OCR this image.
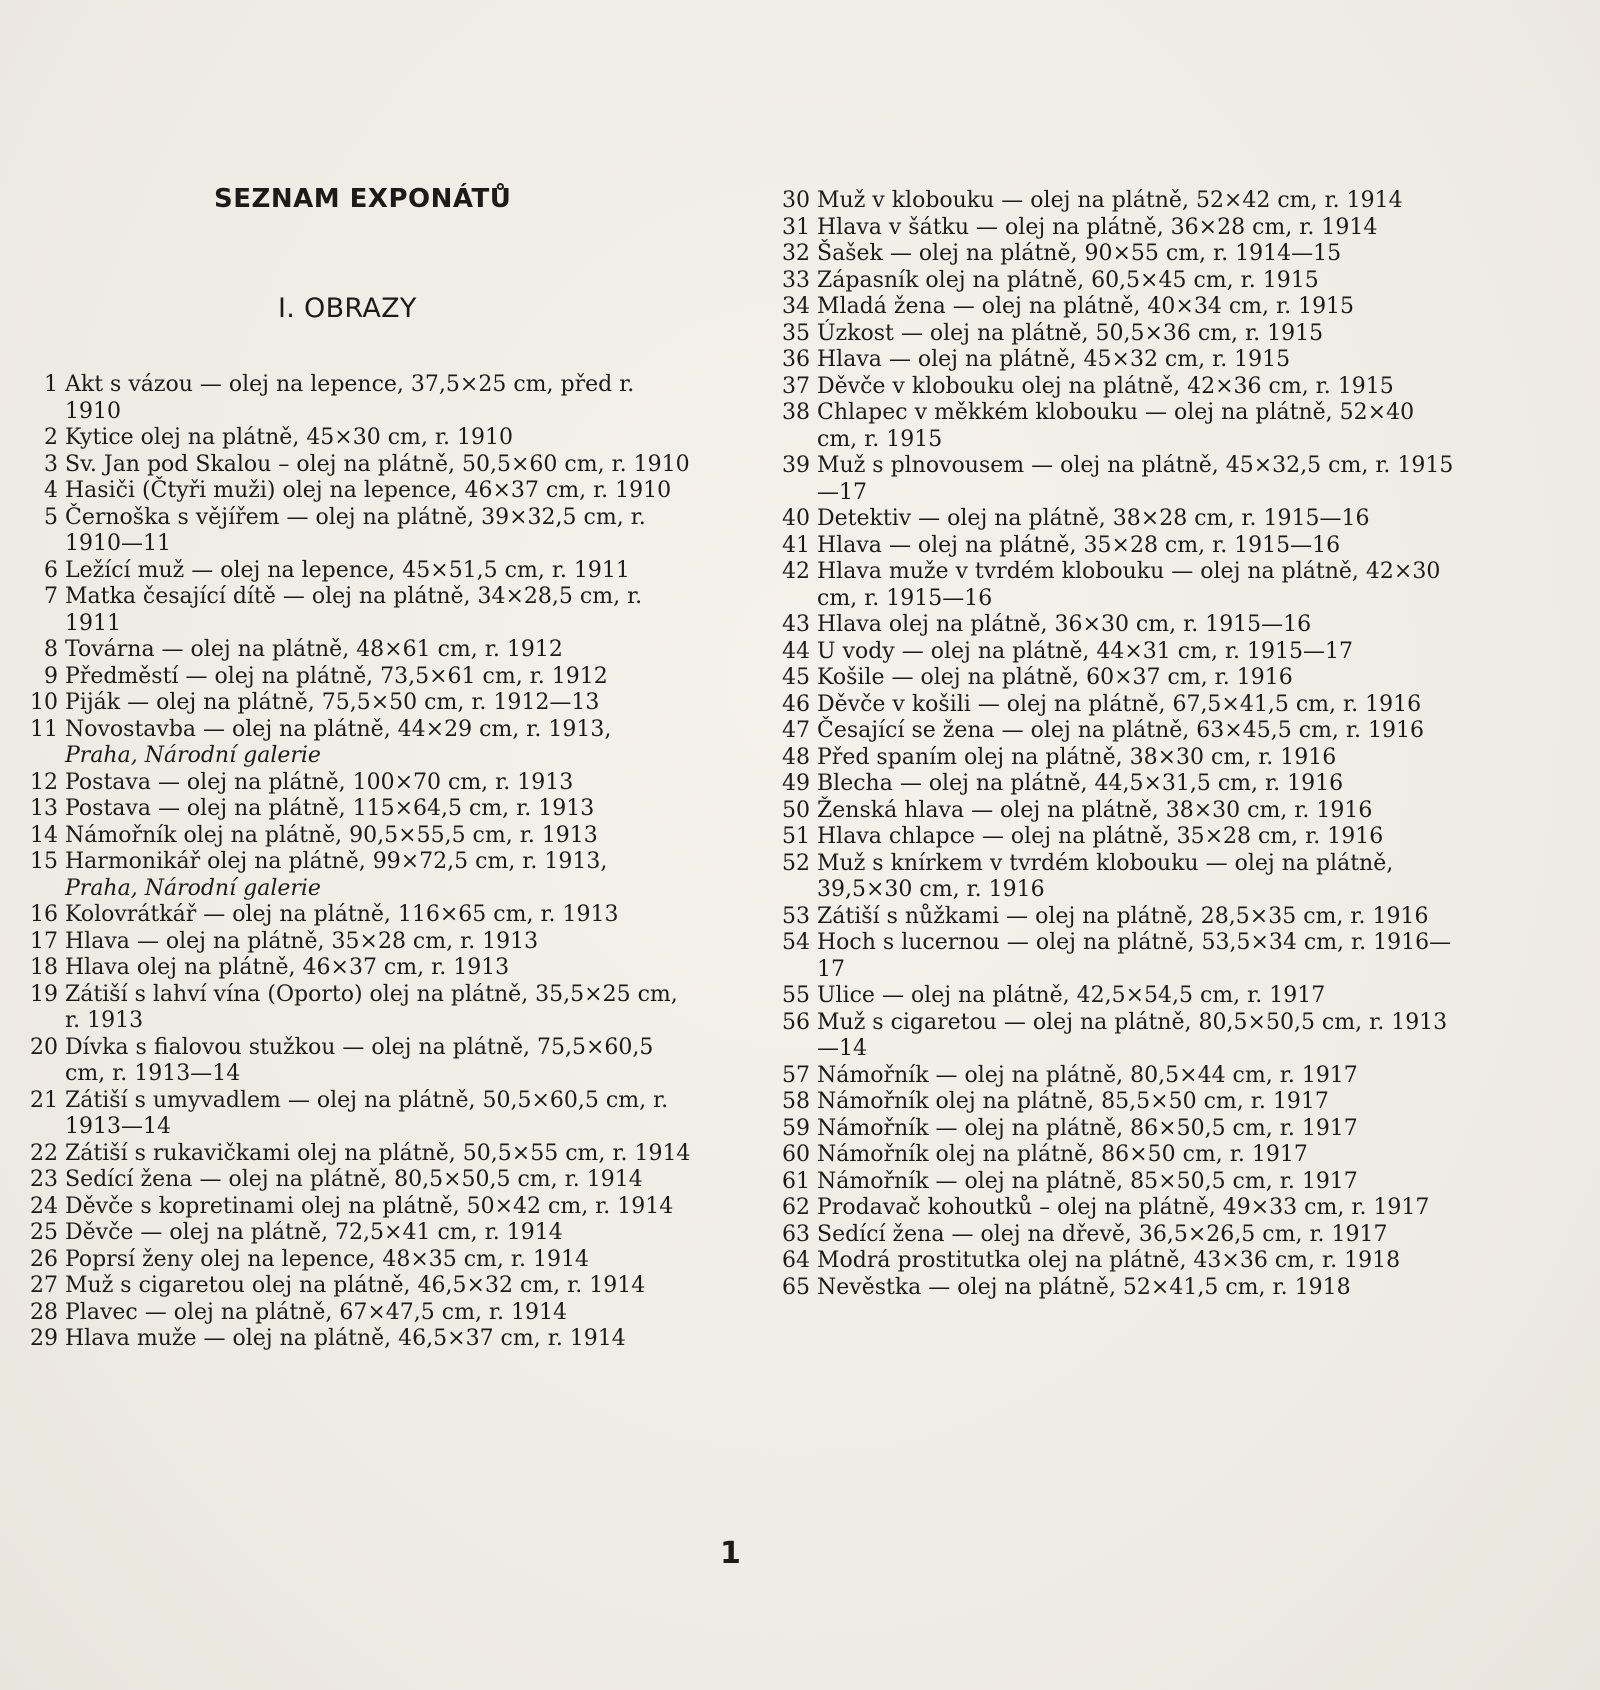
SEZNAM EXPONÁTŮ
I. OBRAZY
1 Akt s vázou — olej na lepence, 37,5×25 cm, před r. 1910
2 Kytice olej na plátně, 45×30 cm, r. 1910
3 Sv. Jan pod Skalou – olej na plátně, 50,5×60 cm, r. 1910
4 Hasiči (Čtyři muži) olej na lepence, 46×37 cm, r. 1910
5 Černoška s vějířem — olej na plátně, 39×32,5 cm, r. 1910—11
6 Ležící muž — olej na lepence, 45×51,5 cm, r. 1911
7 Matka česající dítě — olej na plátně, 34×28,5 cm, r. 1911
8 Továrna — olej na plátně, 48×61 cm, r. 1912
9 Předměstí — olej na plátně, 73,5×61 cm, r. 1912
10 Piják — olej na plátně, 75,5×50 cm, r. 1912—13
11 Novostavba — olej na plátně, 44×29 cm, r. 1913,
Praha, Národní galerie
12 Postava — olej na plátně, 100×70 cm, r. 1913
13 Postava — olej na plátně, 115×64,5 cm, r. 1913
14 Námořník olej na plátně, 90,5×55,5 cm, r. 1913
15 Harmonikář olej na plátně, 99×72,5 cm, r. 1913,
Praha, Národní galerie
16 Kolovrátkář — olej na plátně, 116×65 cm, r. 1913
17 Hlava — olej na plátně, 35×28 cm, r. 1913
18 Hlava olej na plátně, 46×37 cm, r. 1913
19 Zátiší s lahví vína (Oporto) olej na plátně, 35,5×25 cm, r. 1913
20 Dívka s fialovou stužkou — olej na plátně, 75,5×60,5 cm, r. 1913—14
21 Zátiší s umyvadlem — olej na plátně, 50,5×60,5 cm, r. 1913—14
22 Zátiší s rukavičkami olej na plátně, 50,5×55 cm, r. 1914
23 Sedící žena — olej na plátně, 80,5×50,5 cm, r. 1914
24 Děvče s kopretinami olej na plátně, 50×42 cm, r. 1914
25 Děvče — olej na plátně, 72,5×41 cm, r. 1914
26 Poprsí ženy olej na lepence, 48×35 cm, r. 1914
27 Muž s cigaretou olej na plátně, 46,5×32 cm, r. 1914
28 Plavec — olej na plátně, 67×47,5 cm, r. 1914
29 Hlava muže — olej na plátně, 46,5×37 cm, r. 1914
30 Muž v klobouku — olej na plátně, 52×42 cm, r. 1914
31 Hlava v šátku — olej na plátně, 36×28 cm, r. 1914
32 Šašek — olej na plátně, 90×55 cm, r. 1914—15
33 Zápasník olej na plátně, 60,5×45 cm, r. 1915
34 Mladá žena — olej na plátně, 40×34 cm, r. 1915
35 Úzkost — olej na plátně, 50,5×36 cm, r. 1915
36 Hlava — olej na plátně, 45×32 cm, r. 1915
37 Děvče v klobouku olej na plátně, 42×36 cm, r. 1915
38 Chlapec v měkkém klobouku — olej na plátně, 52×40 cm, r. 1915
39 Muž s plnovousem — olej na plátně, 45×32,5 cm, r. 1915—17
40 Detektiv — olej na plátně, 38×28 cm, r. 1915—16
41 Hlava — olej na plátně, 35×28 cm, r. 1915—16
42 Hlava muže v tvrdém klobouku — olej na plátně, 42×30 cm, r. 1915—16
43 Hlava olej na plátně, 36×30 cm, r. 1915—16
44 U vody — olej na plátně, 44×31 cm, r. 1915—17
45 Košile — olej na plátně, 60×37 cm, r. 1916
46 Děvče v košili — olej na plátně, 67,5×41,5 cm, r. 1916
47 Česající se žena — olej na plátně, 63×45,5 cm, r. 1916
48 Před spaním olej na plátně, 38×30 cm, r. 1916
49 Blecha — olej na plátně, 44,5×31,5 cm, r. 1916
50 Ženská hlava — olej na plátně, 38×30 cm, r. 1916
51 Hlava chlapce — olej na plátně, 35×28 cm, r. 1916
52 Muž s knírkem v tvrdém klobouku — olej na plátně, 39,5×30 cm, r. 1916
53 Zátiší s nůžkami — olej na plátně, 28,5×35 cm, r. 1916
54 Hoch s lucernou — olej na plátně, 53,5×34 cm, r. 1916—17
55 Ulice — olej na plátně, 42,5×54,5 cm, r. 1917
56 Muž s cigaretou — olej na plátně, 80,5×50,5 cm, r. 1913—14
57 Námořník — olej na plátně, 80,5×44 cm, r. 1917
58 Námořník olej na plátně, 85,5×50 cm, r. 1917
59 Námořník — olej na plátně, 86×50,5 cm, r. 1917
60 Námořník olej na plátně, 86×50 cm, r. 1917
61 Námořník — olej na plátně, 85×50,5 cm, r. 1917
62 Prodavač kohoutků – olej na plátně, 49×33 cm, r. 1917
63 Sedící žena — olej na dřevě, 36,5×26,5 cm, r. 1917
64 Modrá prostitutka olej na plátně, 43×36 cm, r. 1918
65 Nevěstka — olej na plátně, 52×41,5 cm, r. 1918
1
